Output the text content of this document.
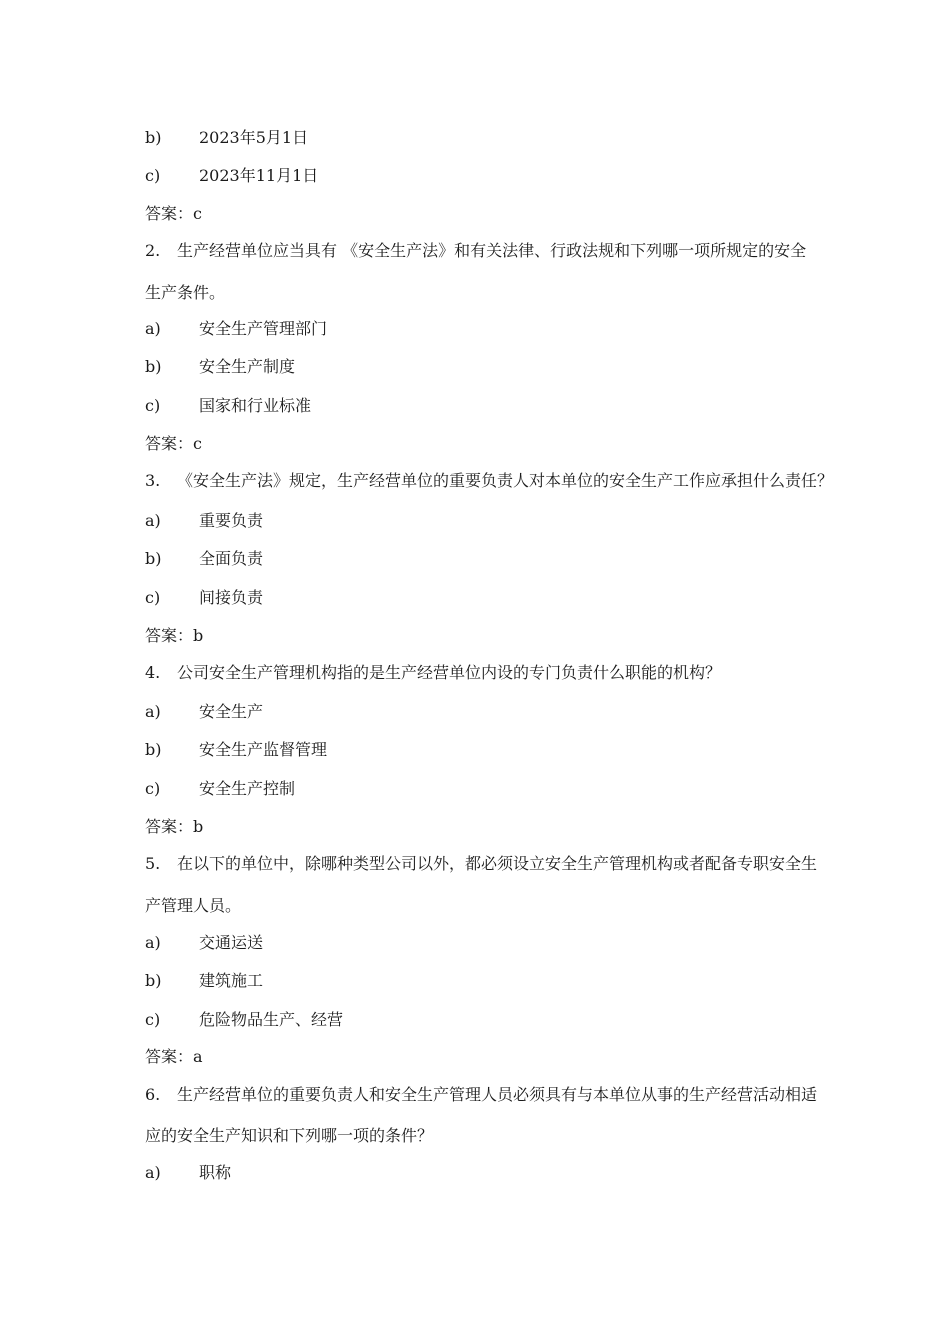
b) 2023年5月1日
c) 2023年11月1日
答案：c
2. 生产经营单位应当具有 《安全生产法》和有关法律、行政法规和下列哪一项所规定的安全
生产条件。
a) 安全生产管理部门
b) 安全生产制度
c) 国家和行业标准
答案：c
3. 《安全生产法》规定，生产经营单位的重要负责人对本单位的安全生产工作应承担什么责任？
a) 重要负责
b) 全面负责
c) 间接负责
答案：b
4. 公司安全生产管理机构指的是生产经营单位内设的专门负责什么职能的机构？
a) 安全生产
b) 安全生产监督管理
c) 安全生产控制
答案：b
5. 在以下的单位中，除哪种类型公司以外，都必须设立安全生产管理机构或者配备专职安全生
产管理人员。
a) 交通运送
b) 建筑施工
c) 危险物品生产、经营
答案：a
6. 生产经营单位的重要负责人和安全生产管理人员必须具有与本单位从事的生产经营活动相适
应的安全生产知识和下列哪一项的条件？
a) 职称
